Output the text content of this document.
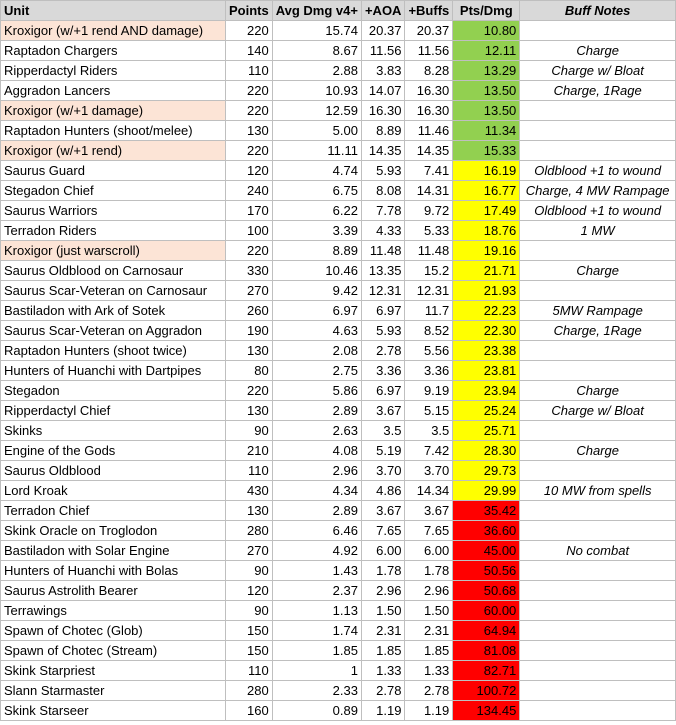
Unit	Points	Avg Dmg v4+	+AOA	+Buffs	Pts/Dmg	Buff Notes
Kroxigor (w/+1 rend AND damage)	220	15.74	20.37	20.37	10.80	
Raptadon Chargers	140	8.67	11.56	11.56	12.11	Charge
Ripperdactyl Riders	110	2.88	3.83	8.28	13.29	Charge w/ Bloat
Aggradon Lancers	220	10.93	14.07	16.30	13.50	Charge, 1Rage
Kroxigor (w/+1 damage)	220	12.59	16.30	16.30	13.50	
Raptadon Hunters (shoot/melee)	130	5.00	8.89	11.46	11.34	
Kroxigor (w/+1 rend)	220	11.11	14.35	14.35	15.33	
Saurus Guard	120	4.74	5.93	7.41	16.19	Oldblood +1 to wound
Stegadon Chief	240	6.75	8.08	14.31	16.77	Charge, 4 MW Rampage
Saurus Warriors	170	6.22	7.78	9.72	17.49	Oldblood +1 to wound
Terradon Riders	100	3.39	4.33	5.33	18.76	1 MW
Kroxigor (just warscroll)	220	8.89	11.48	11.48	19.16	
Saurus Oldblood on Carnosaur	330	10.46	13.35	15.2	21.71	Charge
Saurus Scar-Veteran on Carnosaur	270	9.42	12.31	12.31	21.93	
Bastiladon with Ark of Sotek	260	6.97	6.97	11.7	22.23	5MW Rampage
Saurus Scar-Veteran on Aggradon	190	4.63	5.93	8.52	22.30	Charge, 1Rage
Raptadon Hunters (shoot twice)	130	2.08	2.78	5.56	23.38	
Hunters of Huanchi with Dartpipes	80	2.75	3.36	3.36	23.81	
Stegadon	220	5.86	6.97	9.19	23.94	Charge
Ripperdactyl Chief	130	2.89	3.67	5.15	25.24	Charge w/ Bloat
Skinks	90	2.63	3.5	3.5	25.71	
Engine of the Gods	210	4.08	5.19	7.42	28.30	Charge
Saurus Oldblood	110	2.96	3.70	3.70	29.73	
Lord Kroak	430	4.34	4.86	14.34	29.99	10 MW from spells
Terradon Chief	130	2.89	3.67	3.67	35.42	
Skink Oracle on Troglodon	280	6.46	7.65	7.65	36.60	
Bastiladon with Solar Engine	270	4.92	6.00	6.00	45.00	No combat
Hunters of Huanchi with Bolas	90	1.43	1.78	1.78	50.56	
Saurus Astrolith Bearer	120	2.37	2.96	2.96	50.68	
Terrawings	90	1.13	1.50	1.50	60.00	
Spawn of Chotec (Glob)	150	1.74	2.31	2.31	64.94	
Spawn of Chotec (Stream)	150	1.85	1.85	1.85	81.08	
Skink Starpriest	110	1	1.33	1.33	82.71	
Slann Starmaster	280	2.33	2.78	2.78	100.72	
Skink Starseer	160	0.89	1.19	1.19	134.45	
